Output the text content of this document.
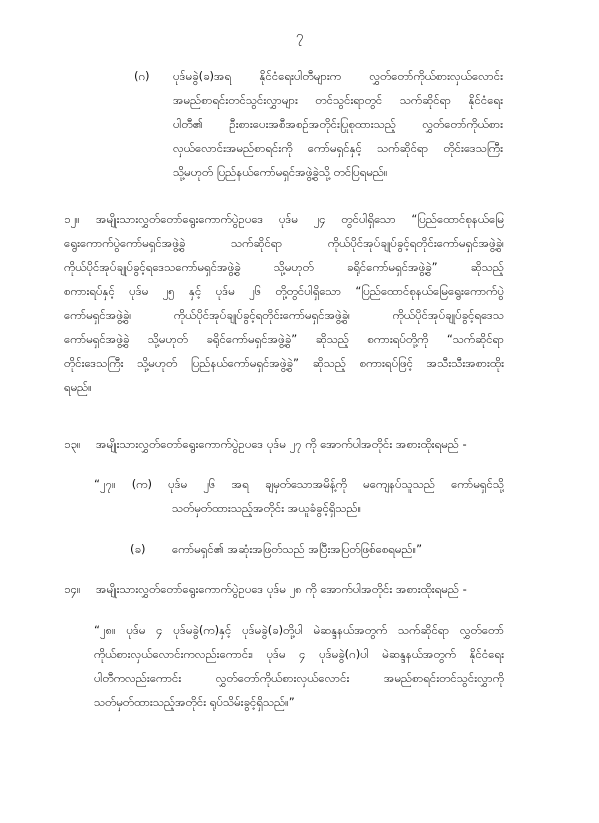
၇
(ဂ) ပုဒ်မခွဲ(ခ)အရ နိုင်ငံရေးပါတီများက လွှတ်တော်ကိုယ်စားလှယ်လောင်း
အမည်စာရင်းတင်သွင်းလွှာများ တင်သွင်းရာတွင် သက်ဆိုင်ရာ နိုင်ငံရေး
ပါတီ၏ ဦးစားပေးအစီအစဉ်အတိုင်းပြုစုထားသည့် လွှတ်တော်ကိုယ်စား
လှယ်လောင်းအမည်စာရင်းကို ကော်မရှင်နှင့် သက်ဆိုင်ရာ တိုင်းဒေသကြီး
သို့မဟုတ် ပြည်နယ်ကော်မရှင်အဖွဲ့ခွဲသို့ တင်ပြရမည်။
၁၂။ အမျိုးသားလွှတ်တော်ရွေးကောက်ပွဲဥပဒေ ပုဒ်မ ၂၄ တွင်ပါရှိသော “ပြည်ထောင်စုနယ်မြေ
ရွေးကောက်ပွဲကော်မရှင်အဖွဲ့ခွဲ သက်ဆိုင်ရာ ကိုယ်ပိုင်အုပ်ချုပ်ခွင့်ရတိုင်းကော်မရှင်အဖွဲ့ခွဲ၊
ကိုယ်ပိုင်အုပ်ချုပ်ခွင့်ရဒေသကော်မရှင်အဖွဲ့ခွဲ သို့မဟုတ် ခရိုင်ကော်မရှင်အဖွဲ့ခွဲ” ဆိုသည့်
စကားရပ်နှင့် ပုဒ်မ ၂၅ နှင့် ပုဒ်မ ၂၆ တို့တွင်ပါရှိသော “ပြည်ထောင်စုနယ်မြေရွေးကောက်ပွဲ
ကော်မရှင်အဖွဲ့ခွဲ၊ ကိုယ်ပိုင်အုပ်ချုပ်ခွင့်ရတိုင်းကော်မရှင်အဖွဲ့ခွဲ၊ ကိုယ်ပိုင်အုပ်ချုပ်ခွင့်ရဒေသ
ကော်မရှင်အဖွဲ့ခွဲ သို့မဟုတ် ခရိုင်ကော်မရှင်အဖွဲ့ခွဲ” ဆိုသည့် စကားရပ်တို့ကို “သက်ဆိုင်ရာ
တိုင်းဒေသကြီး သို့မဟုတ် ပြည်နယ်ကော်မရှင်အဖွဲ့ခွဲ” ဆိုသည့် စကားရပ်ဖြင့် အသီးသီးအစားထိုး
ရမည်။
၁၃။ အမျိုးသားလွှတ်တော်ရွေးကောက်ပွဲဥပဒေ ပုဒ်မ ၂၇ ကို အောက်ပါအတိုင်း အစားထိုးရမည် -
“၂၇။ (က) ပုဒ်မ ၂၆ အရ ချမှတ်သောအမိန့်ကို မကျေနပ်သူသည် ကော်မရှင်သို့
သတ်မှတ်ထားသည့်အတိုင်း အယူခံခွင့်ရှိသည်။
(ခ) ကော်မရှင်၏ အဆုံးအဖြတ်သည် အပြီးအပြတ်ဖြစ်စေရမည်။”
၁၄။ အမျိုးသားလွှတ်တော်ရွေးကောက်ပွဲဥပဒေ ပုဒ်မ ၂၈ ကို အောက်ပါအတိုင်း အစားထိုးရမည် -
“၂၈။ ပုဒ်မ ၄ ပုဒ်မခွဲ(က)နှင့် ပုဒ်မခွဲ(ခ)တို့ပါ မဲဆန္ဒနယ်အတွက် သက်ဆိုင်ရာ လွှတ်တော်
ကိုယ်စားလှယ်လောင်းကလည်းကောင်း၊ ပုဒ်မ ၄ ပုဒ်မခွဲ(ဂ)ပါ မဲဆန္ဒနယ်အတွက် နိုင်ငံရေး
ပါတီကလည်းကောင်း လွှတ်တော်ကိုယ်စားလှယ်လောင်း အမည်စာရင်းတင်သွင်းလွှာကို
သတ်မှတ်ထားသည့်အတိုင်း ရုပ်သိမ်းခွင့်ရှိသည်။”
